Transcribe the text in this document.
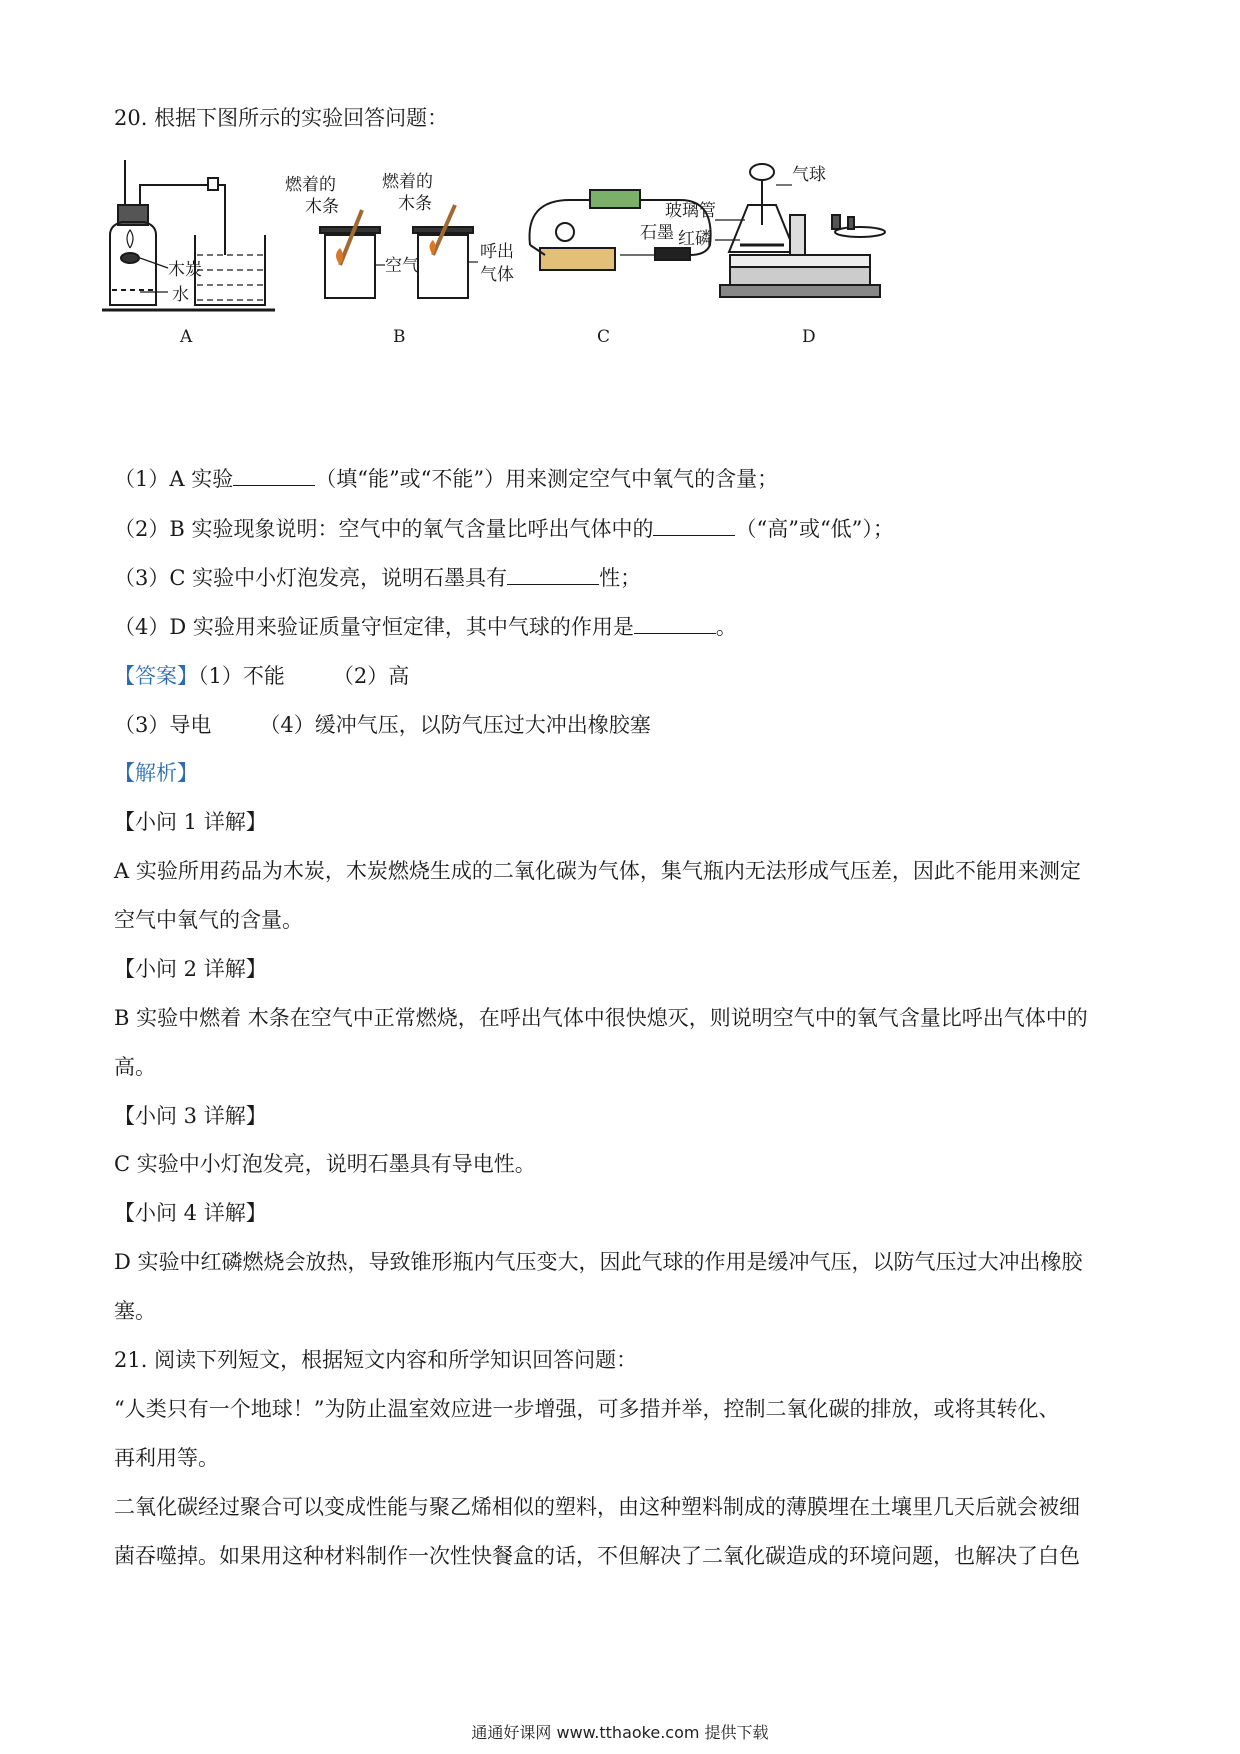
20. 根据下图所示的实验回答问题：
木炭
水
燃着的
木条
燃着的
木条
空气
呼出
气体
石墨
气球
玻璃管
红磷
A	B	C	D
（1）A 实验	（填“能”或“不能”）用来测定空气中氧气的含量；
（2）B 实验现象说明：空气中的氧气含量比呼出气体中的	（“高”或“低”）；
（3）C 实验中小灯泡发亮，说明石墨具有	性；
（4）D 实验用来验证质量守恒定律，其中气球的作用是	。
【答案】（1）不能 （2）高
（3）导电 （4）缓冲气压，以防气压过大冲出橡胶塞
【解析】
【小问 1 详解】
A 实验所用药品为木炭，木炭燃烧生成的二氧化碳为气体，集气瓶内无法形成气压差，因此不能用来测定
空气中氧气的含量。
【小问 2 详解】
B 实验中燃着 木条在空气中正常燃烧，在呼出气体中很快熄灭，则说明空气中的氧气含量比呼出气体中的
高。
【小问 3 详解】
C 实验中小灯泡发亮，说明石墨具有导电性。
【小问 4 详解】
D 实验中红磷燃烧会放热，导致锥形瓶内气压变大，因此气球的作用是缓冲气压，以防气压过大冲出橡胶
塞。
21. 阅读下列短文，根据短文内容和所学知识回答问题：
“人类只有一个地球！”为防止温室效应进一步增强，可多措并举，控制二氧化碳的排放，或将其转化、
再利用等。
二氧化碳经过聚合可以变成性能与聚乙烯相似的塑料，由这种塑料制成的薄膜埋在土壤里几天后就会被细
菌吞噬掉。如果用这种材料制作一次性快餐盒的话，不但解决了二氧化碳造成的环境问题，也解决了白色
通通好课网 www.tthaoke.com 提供下载
